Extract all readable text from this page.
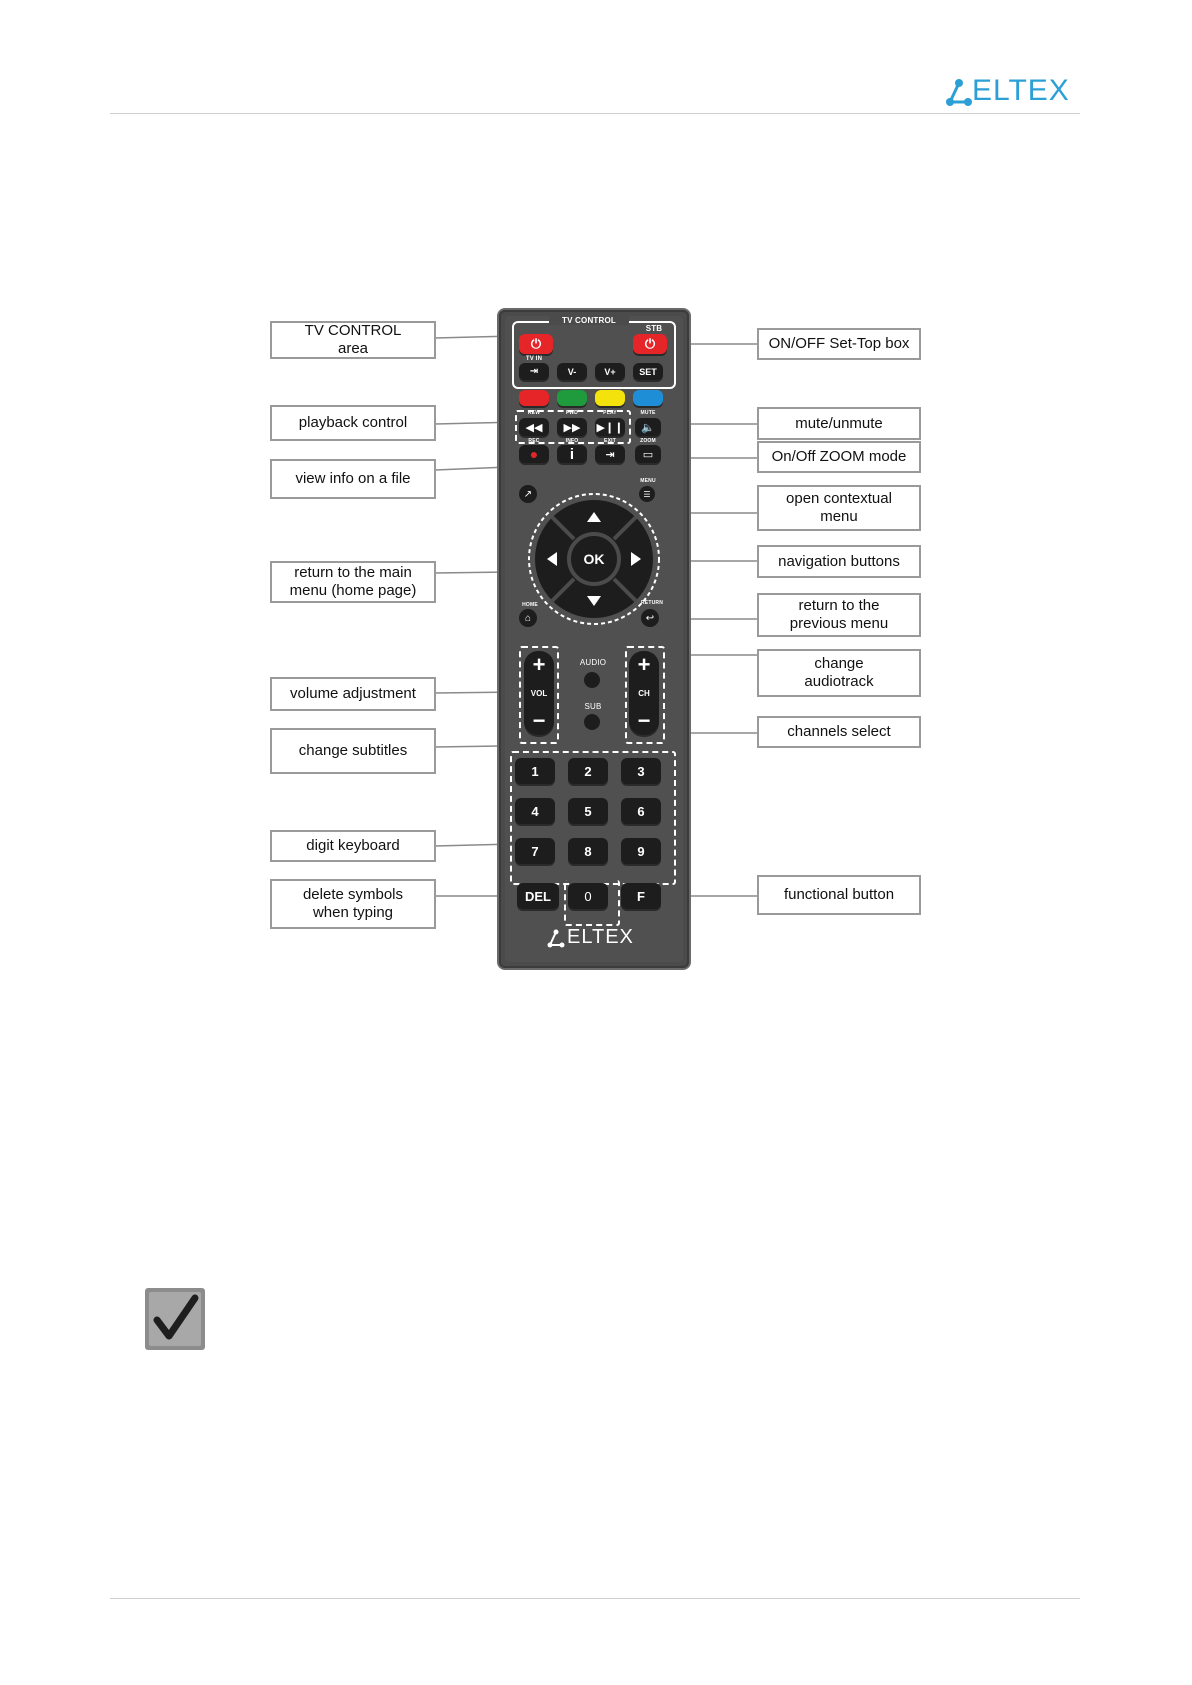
ELTEX
TV CONTROL
STB
⏻	⏻
TV IN
⇥	V-	V+	SET
REW	FWD	PLAY
◀◀ ▶▶ ▶❙❙
MUTE
🔈
REC	INFO	EXIT	ZOOM
● i	⇥	▭
MENU
☰
↗
OK
HOME
⌂
RETURN
↩
+
VOL
−
AUDIO
SUB
+
CH
−
1	2	3
4	5	6
7	8	9
0
DEL	F
ELTEX
TV CONTROL
area
playback control
view info on a file
return to the main
menu (home page)
volume adjustment
change subtitles
digit keyboard
delete symbols
when typing
ON/OFF Set-Top box
mute/unmute
On/Off ZOOM mode
open contextual
menu
navigation buttons
return to the
previous menu
change
audiotrack
channels select
functional button
